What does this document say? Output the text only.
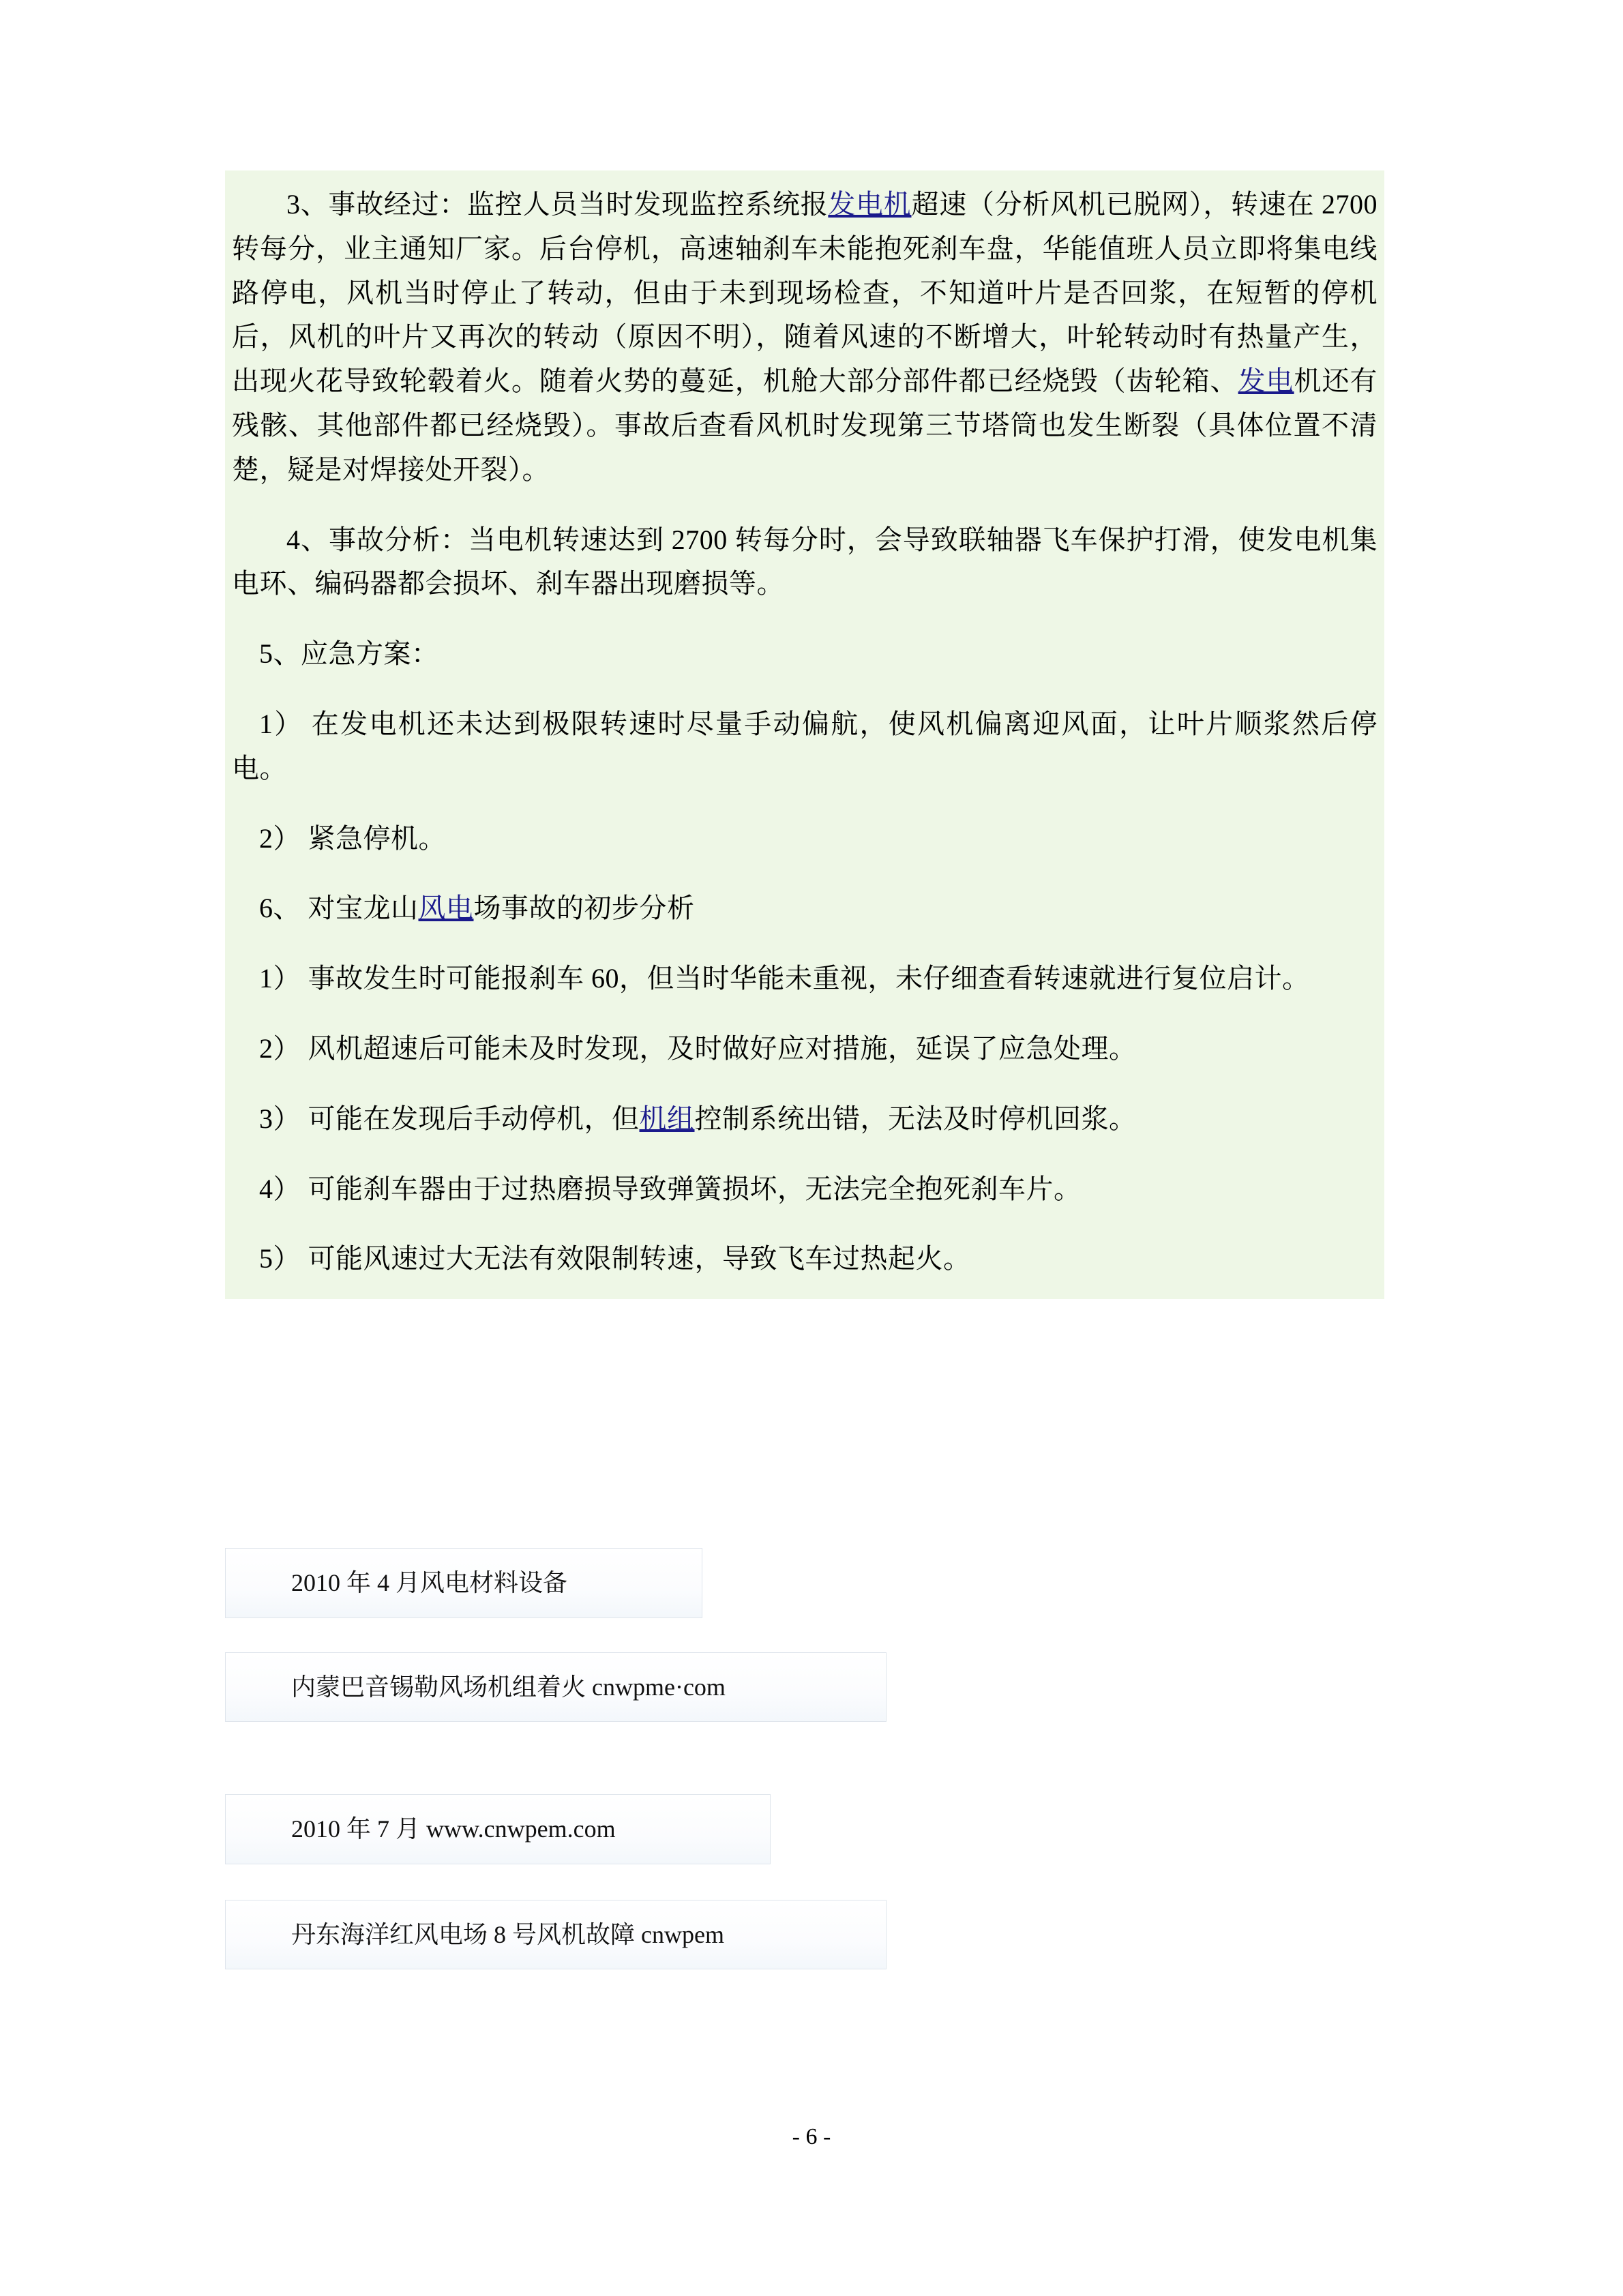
3、事故经过：监控人员当时发现监控系统报发电机超速（分析风机已脱网），转速在 2700 转每分，业主通知厂家。后台停机，高速轴刹车未能抱死刹车盘，华能值班人员立即将集电线路停电，风机当时停止了转动，但由于未到现场检查，不知道叶片是否回浆，在短暂的停机后，风机的叶片又再次的转动（原因不明），随着风速的不断增大，叶轮转动时有热量产生，出现火花导致轮毂着火。随着火势的蔓延，机舱大部分部件都已经烧毁（齿轮箱、发电机还有残骸、其他部件都已经烧毁）。事故后查看风机时发现第三节塔筒也发生断裂（具体位置不清楚，疑是对焊接处开裂）。

4、事故分析：当电机转速达到 2700 转每分时，会导致联轴器飞车保护打滑，使发电机集电环、编码器都会损坏、刹车器出现磨损等。

5、应急方案：

1） 在发电机还未达到极限转速时尽量手动偏航，使风机偏离迎风面，让叶片顺浆然后停电。

2） 紧急停机。

6、 对宝龙山风电场事故的初步分析

1） 事故发生时可能报刹车 60，但当时华能未重视，未仔细查看转速就进行复位启计。

2） 风机超速后可能未及时发现，及时做好应对措施，延误了应急处理。

3） 可能在发现后手动停机，但机组控制系统出错，无法及时停机回浆。

4） 可能刹车器由于过热磨损导致弹簧损坏，无法完全抱死刹车片。

5） 可能风速过大无法有效限制转速，导致飞车过热起火。

2010 年 4 月风电材料设备
内蒙巴音锡勒风场机组着火 cnwpme·com
2010 年 7 月 www.cnwpem.com
丹东海洋红风电场 8 号风机故障 cnwpem
- 6 -
